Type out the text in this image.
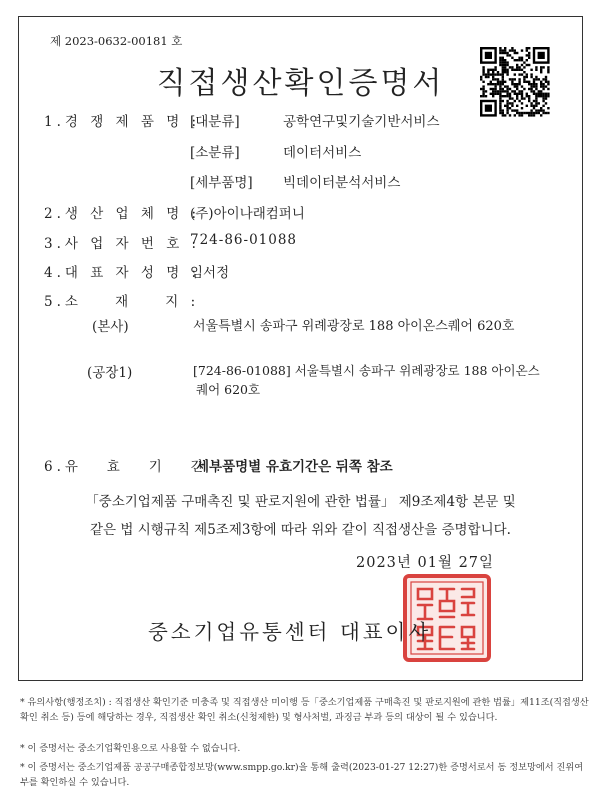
제 2023-0632-00181 호
직접생산확인증명서
1.경 쟁 제 품 명 :
[대분류]	공학연구및기술기반서비스
[소분류]	데이터서비스
[세부품명] 빅데이터분석서비스
2.생 산 업 체 명 :
(주)아이나래컴퍼니
3.사 업 자 번 호 :
724-86-01088
4.대 표 자 성 명 :
임서정
5.소    재    지 :
(본사)	서울특별시 송파구 위례광장로 188 아이온스퀘어 620호
(공장1)	[724-86-01088] 서울특별시 송파구 위례광장로 188 아이온스
퀘어 620호
6.유   효   기   간 :
세부품명별 유효기간은 뒤쪽 참조
「중소기업제품 구매촉진 및 판로지원에 관한 법률」 제9조제4항 본문 및
같은 법 시행규칙 제5조제3항에 따라 위와 같이 직접생산을 증명합니다.
2023년 01월 27일
중소기업유통센터 대표이사
* 유의사항(행정조치) : 직접생산 확인기준 미충족 및 직접생산 미이행 등「중소기업제품 구매촉진 및 판로지원에 관한 법률」제11조(직접생산 확인 취소 등) 등에 해당하는 경우, 직접생산 확인 취소(신청제한) 및 형사처벌, 과징금 부과 등의 대상이 될 수 있습니다.
* 이 증명서는 중소기업확인용으로 사용할 수 없습니다.
* 이 증명서는 중소기업제품 공공구매종합정보망(www.smpp.go.kr)을 통해 출력(2023-01-27 12:27)한 증명서로서 동 정보망에서 진위여부를 확인하실 수 있습니다.
